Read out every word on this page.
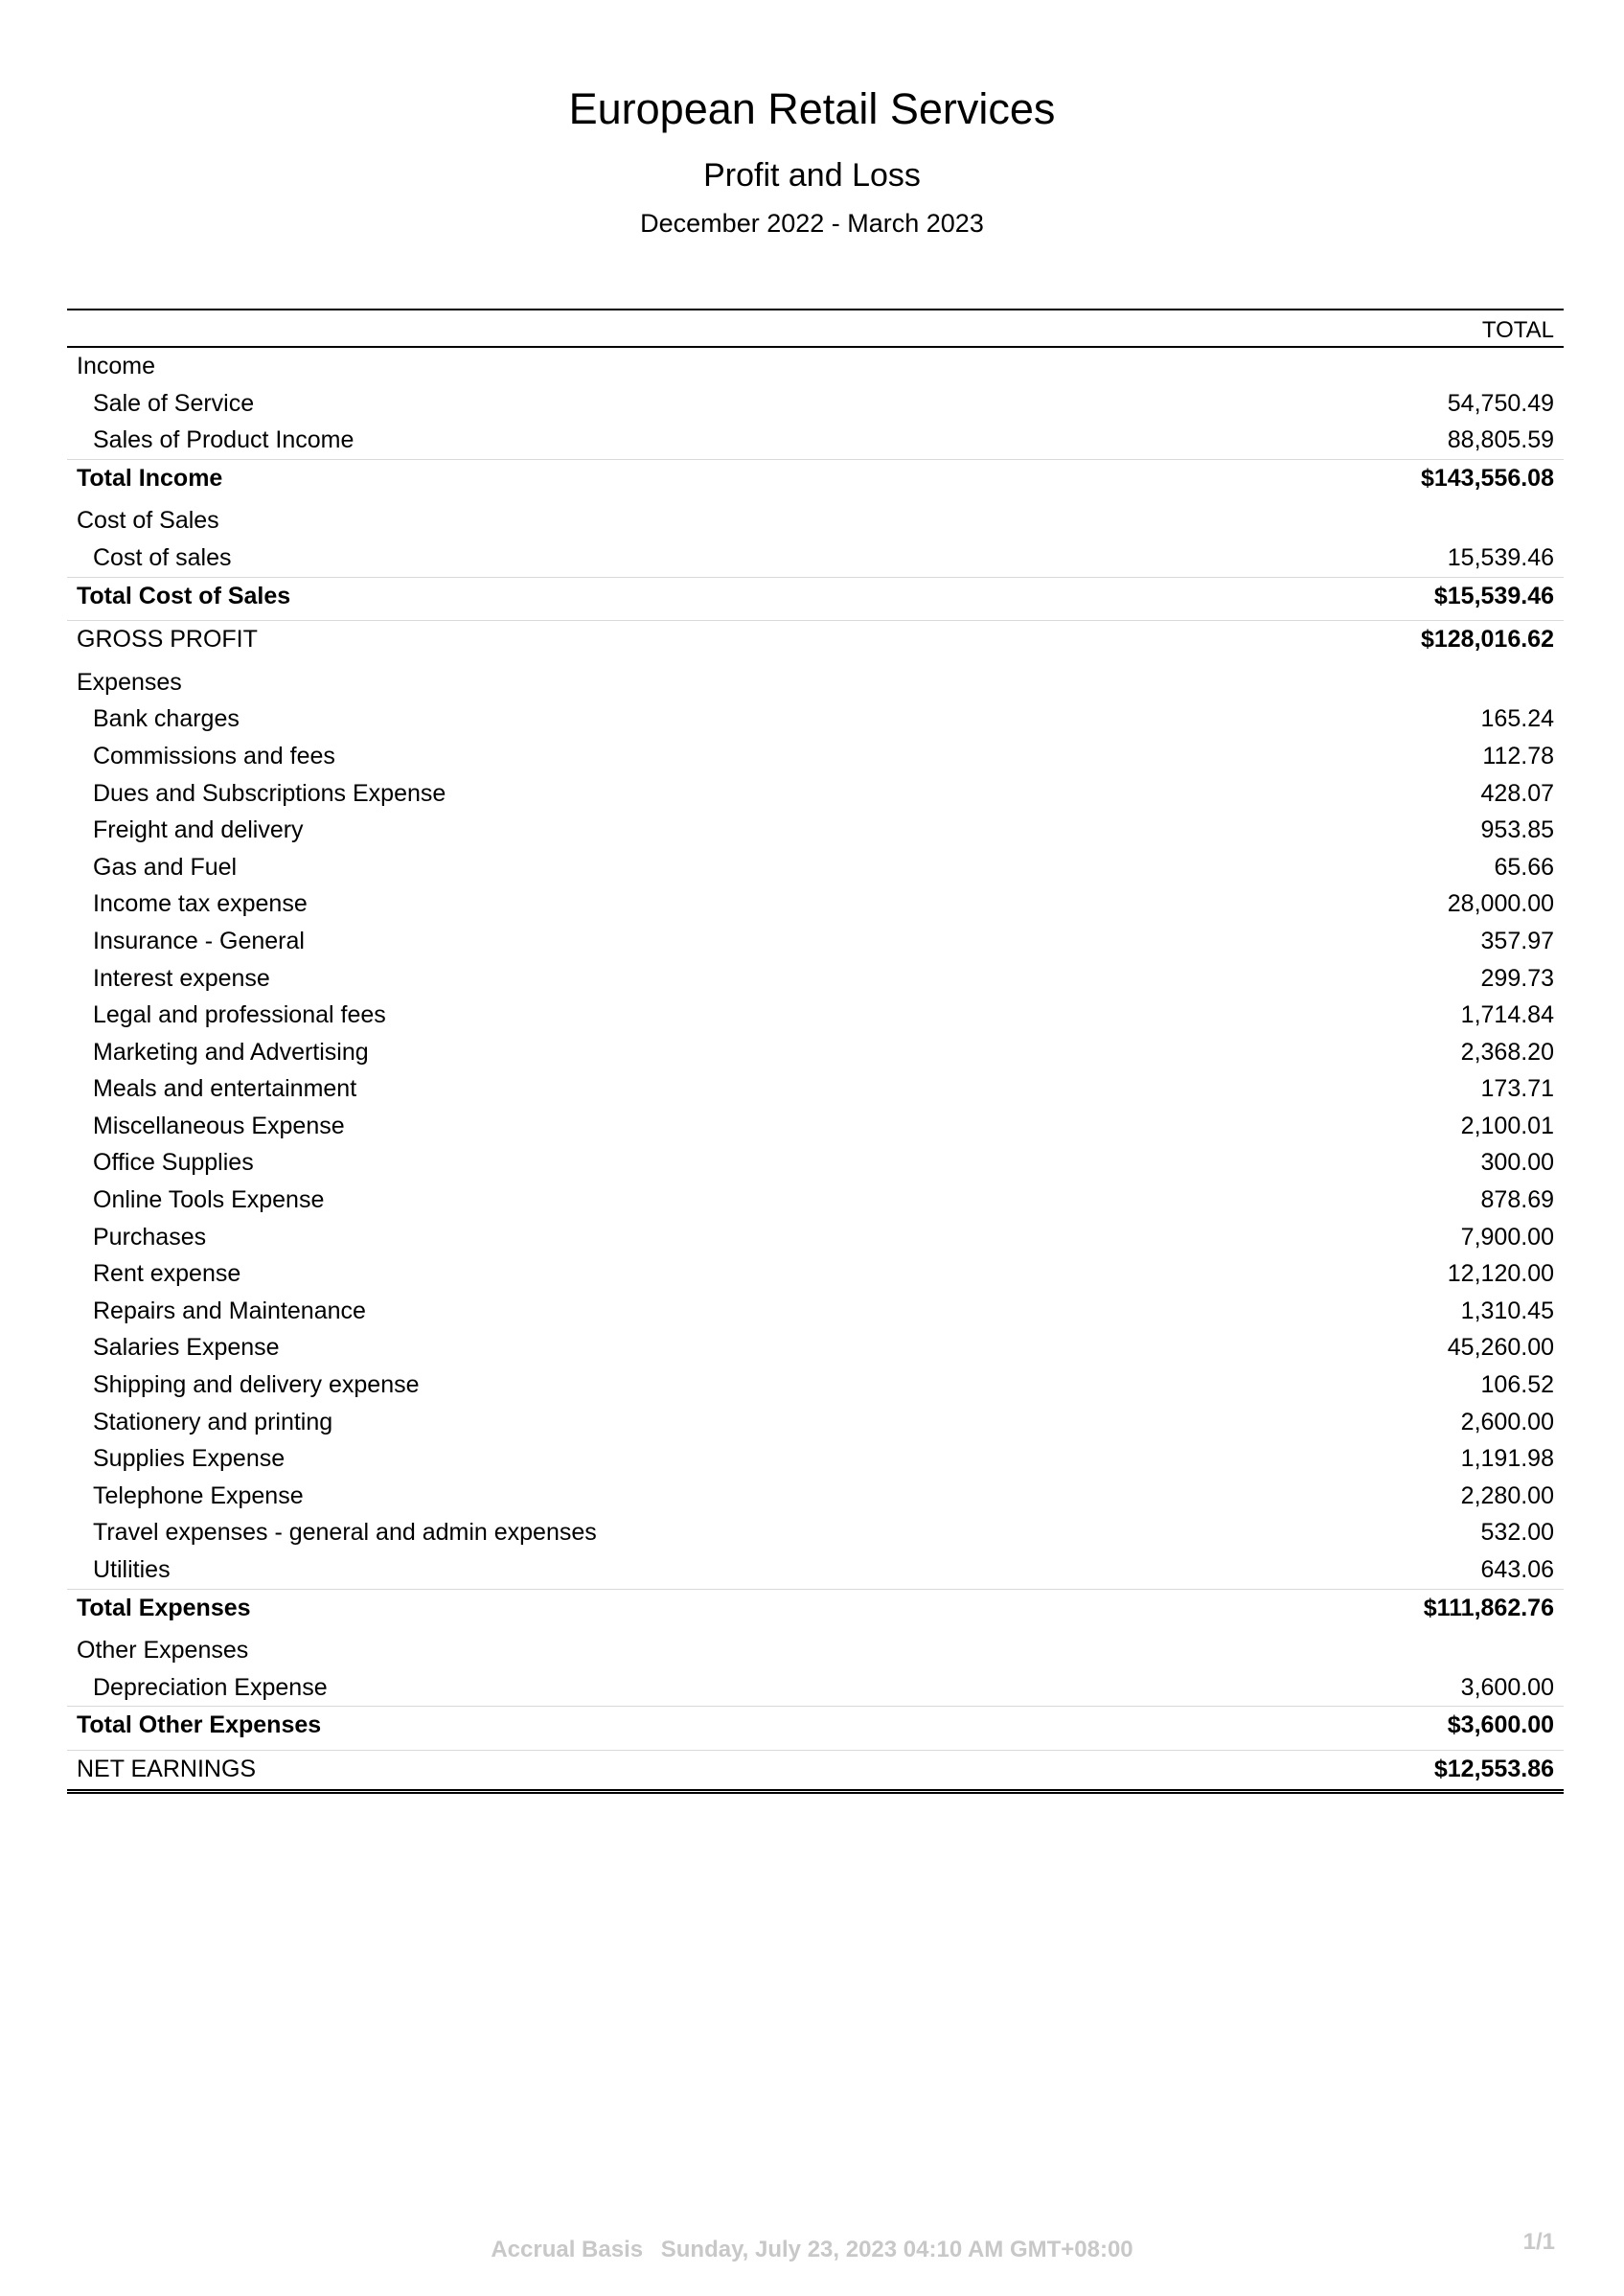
European Retail Services
Profit and Loss
December 2022 - March 2023
TOTAL
Income
Sale of Service	54,750.49
Sales of Product Income	88,805.59
Total Income	$143,556.08
Cost of Sales
Cost of sales	15,539.46
Total Cost of Sales	$15,539.46
GROSS PROFIT	$128,016.62
Expenses
Bank charges	165.24
Commissions and fees	112.78
Dues and Subscriptions Expense	428.07
Freight and delivery	953.85
Gas and Fuel	65.66
Income tax expense	28,000.00
Insurance - General	357.97
Interest expense	299.73
Legal and professional fees	1,714.84
Marketing and Advertising	2,368.20
Meals and entertainment	173.71
Miscellaneous Expense	2,100.01
Office Supplies	300.00
Online Tools Expense	878.69
Purchases	7,900.00
Rent expense	12,120.00
Repairs and Maintenance	1,310.45
Salaries Expense	45,260.00
Shipping and delivery expense	106.52
Stationery and printing	2,600.00
Supplies Expense	1,191.98
Telephone Expense	2,280.00
Travel expenses - general and admin expenses	532.00
Utilities	643.06
Total Expenses	$111,862.76
Other Expenses
Depreciation Expense	3,600.00
Total Other Expenses	$3,600.00
NET EARNINGS	$12,553.86
Accrual Basis Sunday, July 23, 2023 04:10 AM GMT+08:00	1/1
